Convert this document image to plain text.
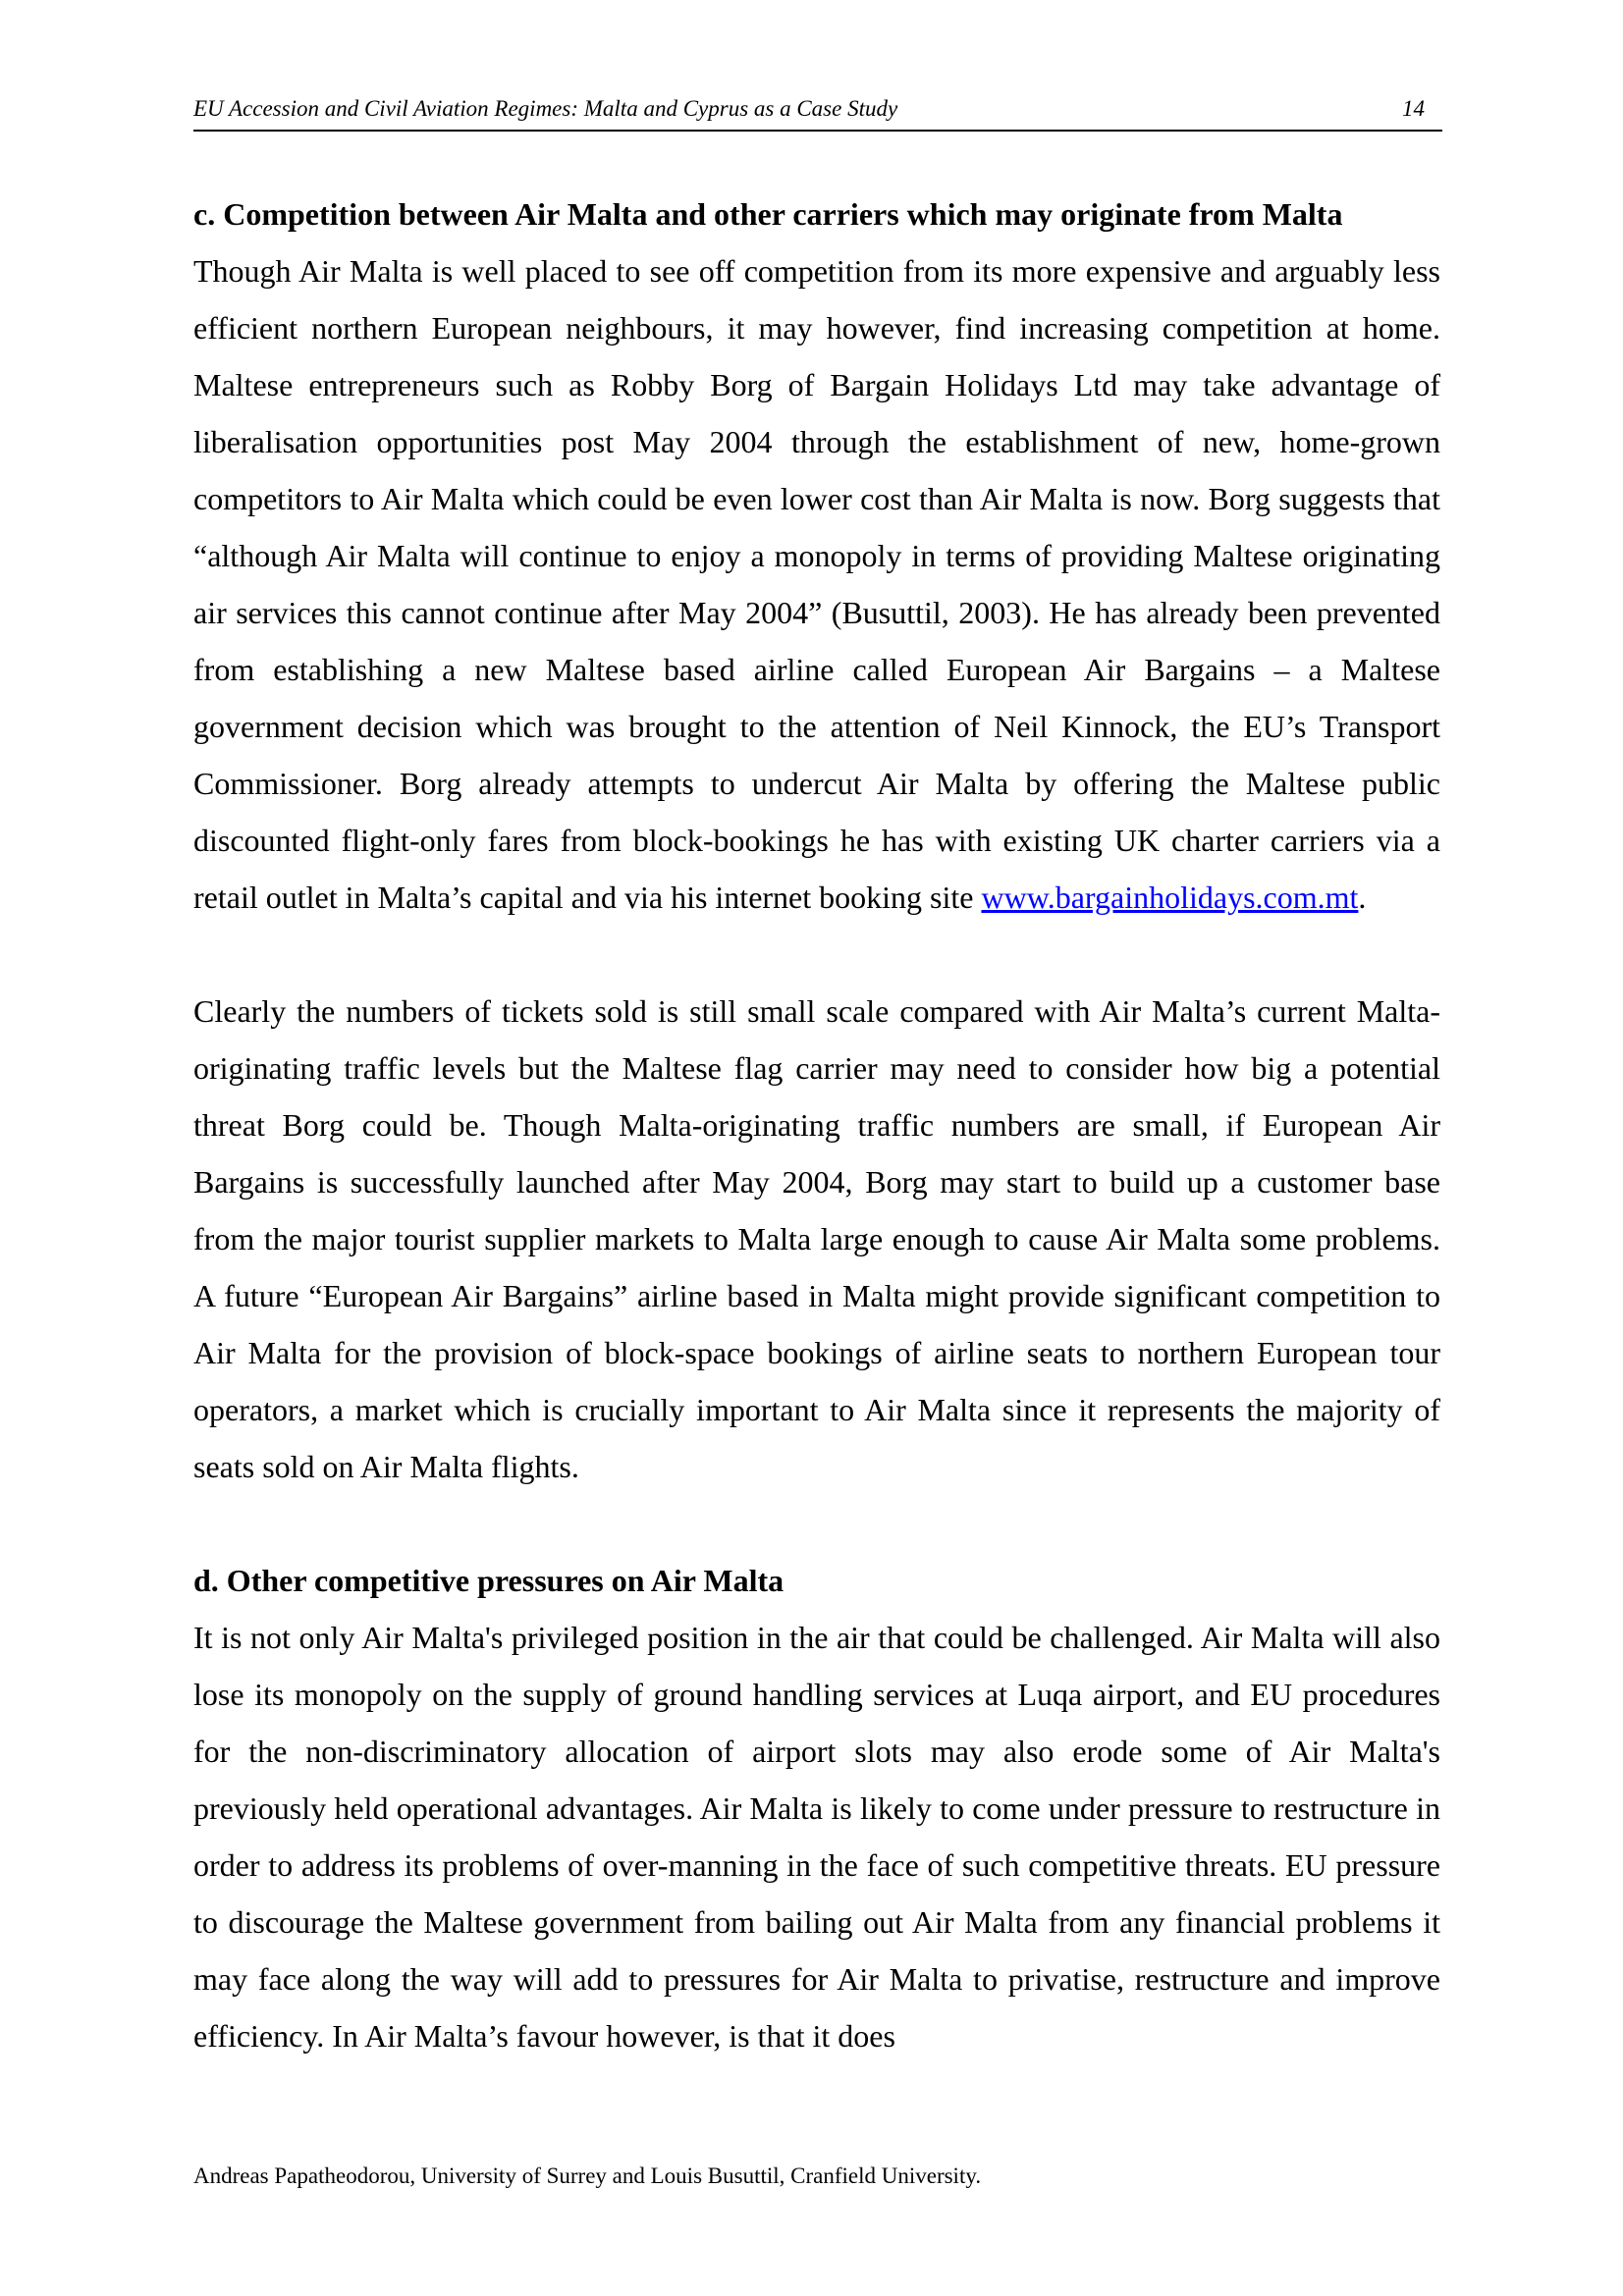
EU Accession and Civil Aviation Regimes: Malta and Cyprus as a Case Study	14

c. Competition between Air Malta and other carriers which may originate from Malta

Though Air Malta is well placed to see off competition from its more expensive and arguably less efficient northern European neighbours, it may however, find increasing competition at home. Maltese entrepreneurs such as Robby Borg of Bargain Holidays Ltd may take advantage of liberalisation opportunities post May 2004 through the establishment of new, home-grown competitors to Air Malta which could be even lower cost than Air Malta is now. Borg suggests that “although Air Malta will continue to enjoy a monopoly in terms of providing Maltese originating air services this cannot continue after May 2004” (Busuttil, 2003). He has already been prevented from establishing a new Maltese based airline called European Air Bargains – a Maltese government decision which was brought to the attention of Neil Kinnock, the EU’s Transport Commissioner. Borg already attempts to undercut Air Malta by offering the Maltese public discounted flight-only fares from block-bookings he has with existing UK charter carriers via a retail outlet in Malta’s capital and via his internet booking site www.bargainholidays.com.mt.

Clearly the numbers of tickets sold is still small scale compared with Air Malta’s current Malta-originating traffic levels but the Maltese flag carrier may need to consider how big a potential threat Borg could be. Though Malta-originating traffic numbers are small, if European Air Bargains is successfully launched after May 2004, Borg may start to build up a customer base from the major tourist supplier markets to Malta large enough to cause Air Malta some problems. A future “European Air Bargains” airline based in Malta might provide significant competition to Air Malta for the provision of block-space bookings of airline seats to northern European tour operators, a market which is crucially important to Air Malta since it represents the majority of seats sold on Air Malta flights.

d. Other competitive pressures on Air Malta

It is not only Air Malta's privileged position in the air that could be challenged. Air Malta will also lose its monopoly on the supply of ground handling services at Luqa airport, and EU procedures for the non-discriminatory allocation of airport slots may also erode some of Air Malta's previously held operational advantages. Air Malta is likely to come under pressure to restructure in order to address its problems of over-manning in the face of such competitive threats. EU pressure to discourage the Maltese government from bailing out Air Malta from any financial problems it may face along the way will add to pressures for Air Malta to privatise, restructure and improve efficiency. In Air Malta’s favour however, is that it does

Andreas Papatheodorou, University of Surrey and Louis Busuttil, Cranfield University.
